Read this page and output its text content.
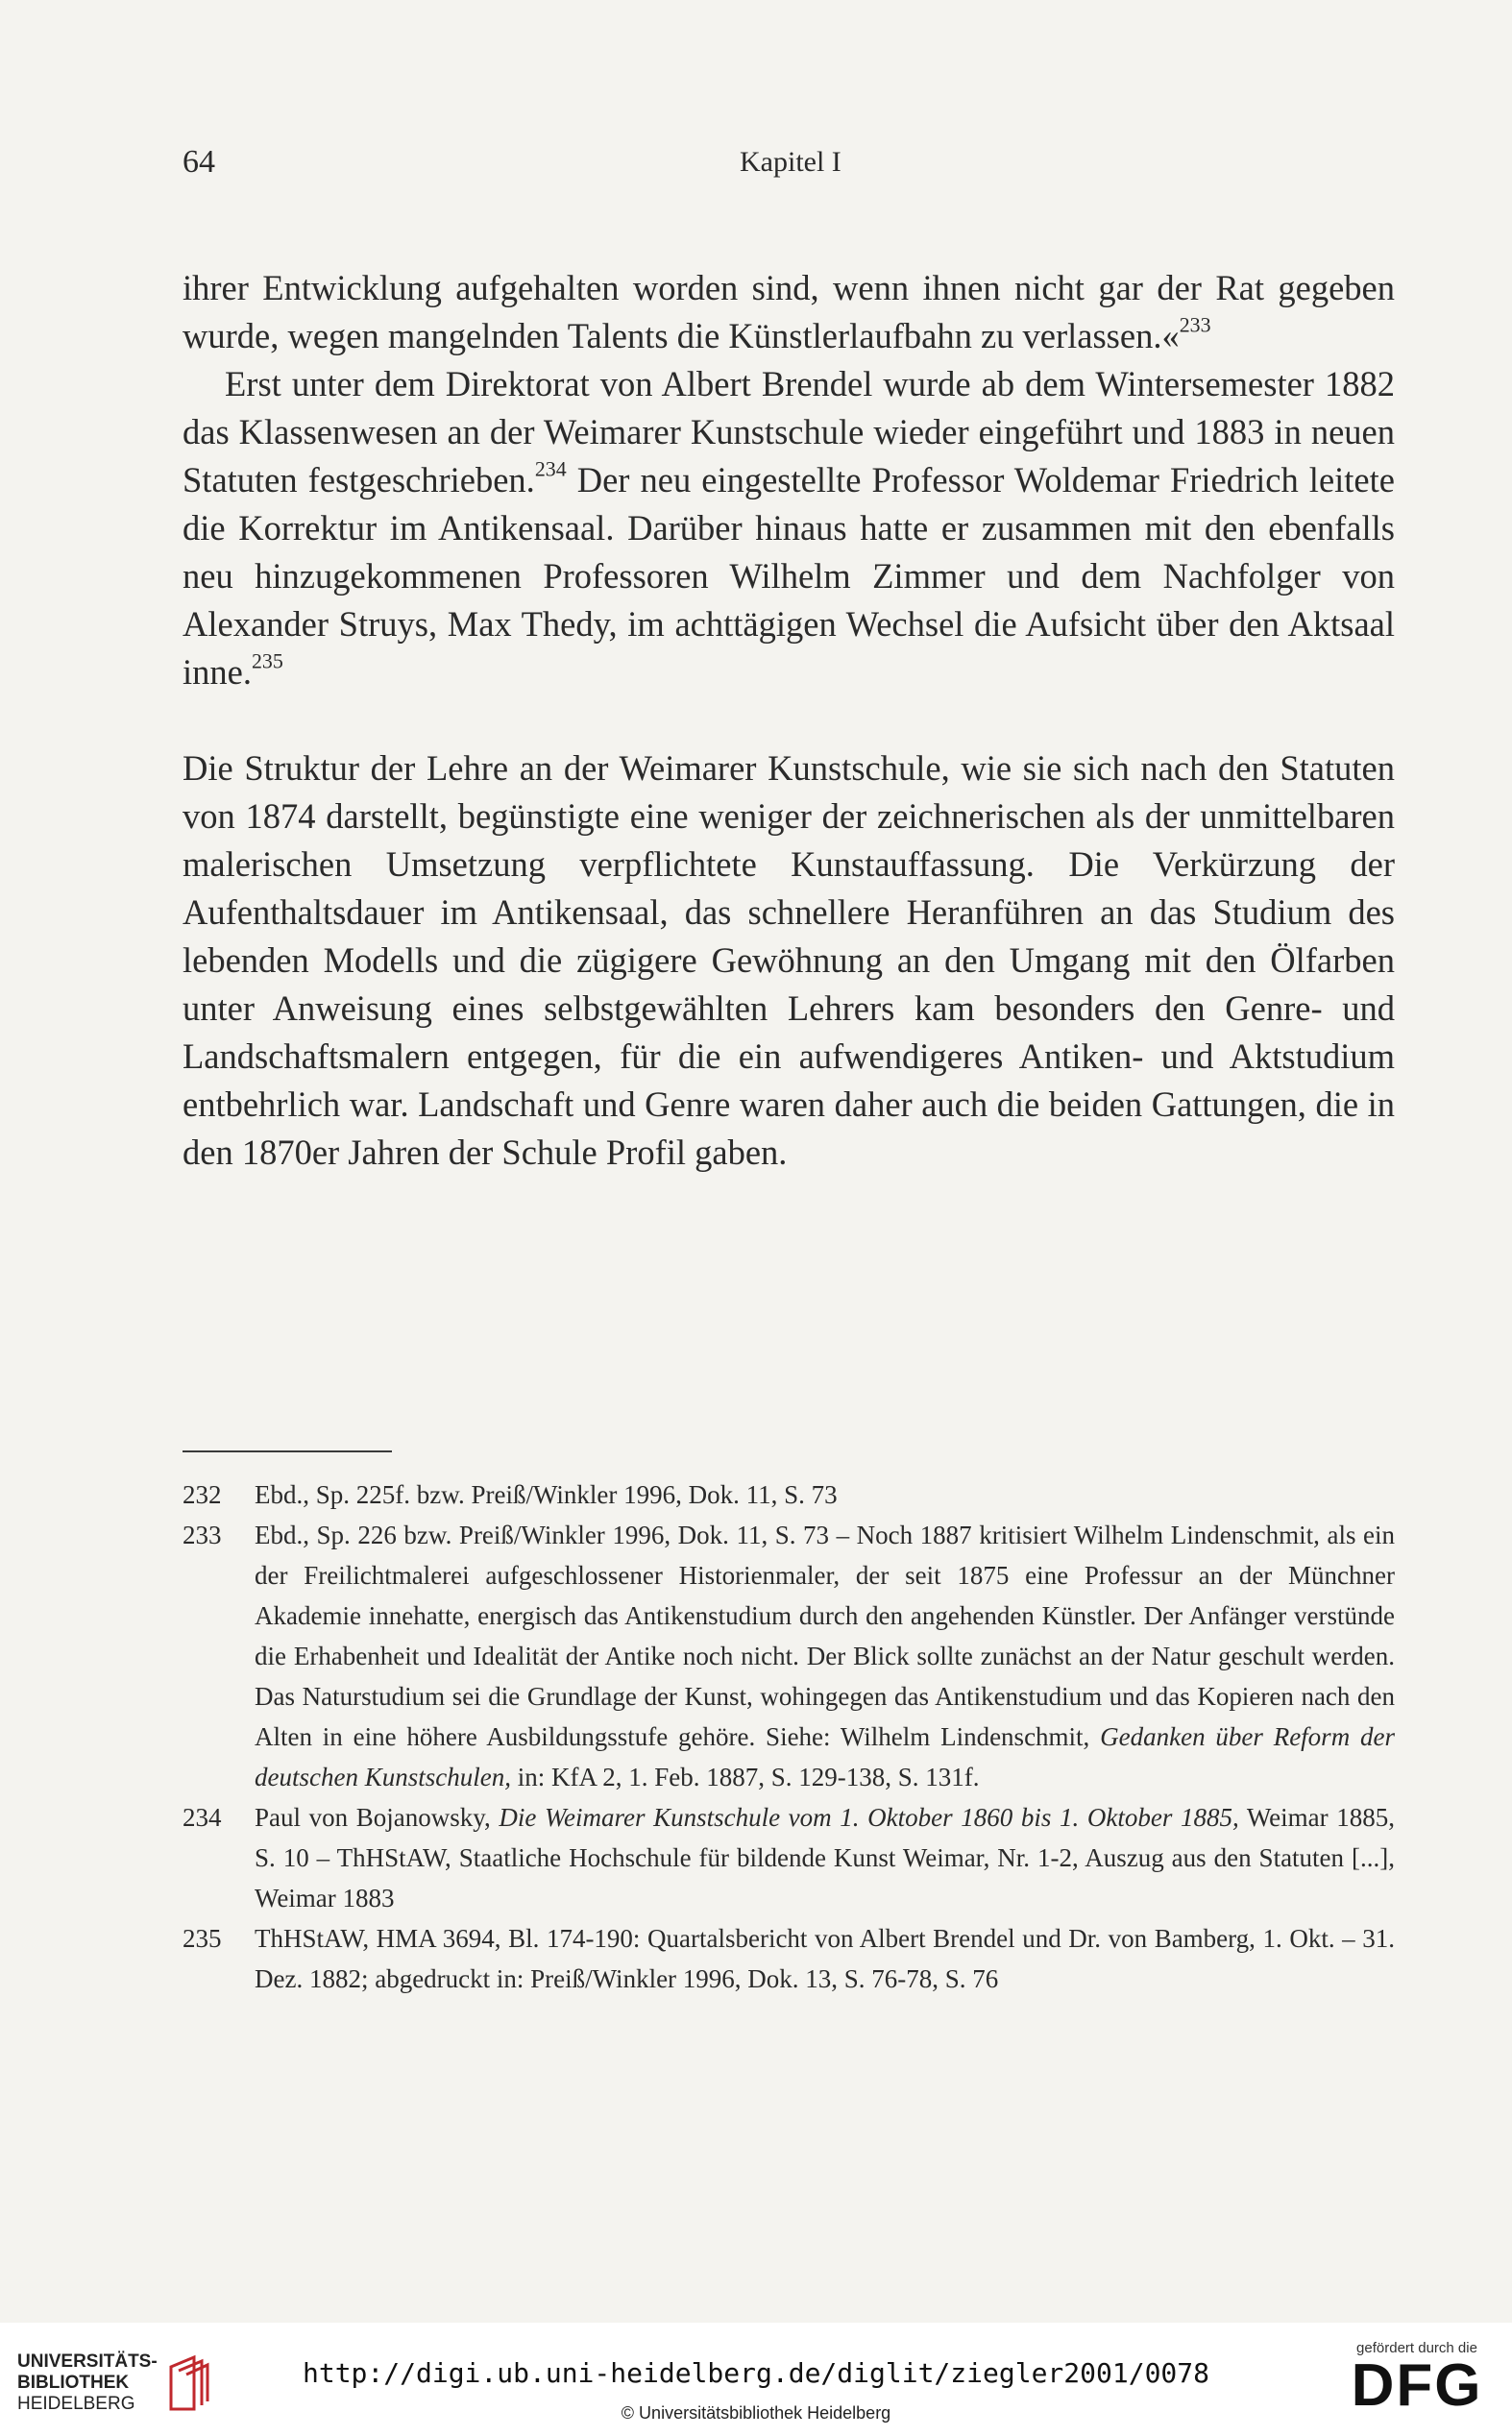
64	Kapitel I

ihrer Entwicklung aufgehalten worden sind, wenn ihnen nicht gar der Rat gegeben wurde, wegen mangelnden Talents die Künstlerlaufbahn zu verlassen.«$^{233}$

Erst unter dem Direktorat von Albert Brendel wurde ab dem Wintersemester 1882 das Klassenwesen an der Weimarer Kunstschule wieder eingeführt und 1883 in neuen Statuten festgeschrieben.$^{234}$ Der neu eingestellte Professor Woldemar Friedrich leitete die Korrektur im Antikensaal. Darüber hinaus hatte er zusammen mit den ebenfalls neu hinzugekommenen Professoren Wilhelm Zimmer und dem Nachfolger von Alexander Struys, Max Thedy, im achttägigen Wechsel die Aufsicht über den Aktsaal inne.$^{235}$

Die Struktur der Lehre an der Weimarer Kunstschule, wie sie sich nach den Statuten von 1874 darstellt, begünstigte eine weniger der zeichnerischen als der unmittelbaren malerischen Umsetzung verpflichtete Kunstauffassung. Die Verkürzung der Aufenthaltsdauer im Antikensaal, das schnellere Heranführen an das Studium des lebenden Modells und die zügigere Gewöhnung an den Umgang mit den Ölfarben unter Anweisung eines selbstgewählten Lehrers kam besonders den Genre- und Landschaftsmalern entgegen, für die ein aufwendigeres Antiken- und Aktstudium entbehrlich war. Landschaft und Genre waren daher auch die beiden Gattungen, die in den 1870er Jahren der Schule Profil gaben.

232	Ebd., Sp. 225f. bzw. Preiß/Winkler 1996, Dok. 11, S. 73
233	Ebd., Sp. 226 bzw. Preiß/Winkler 1996, Dok. 11, S. 73 – Noch 1887 kritisiert Wilhelm Lindenschmit, als ein der Freilichtmalerei aufgeschlossener Historienmaler, der seit 1875 eine Professur an der Münchner Akademie innehatte, energisch das Antikenstudium durch den angehenden Künstler. Der Anfänger verstünde die Erhabenheit und Idealität der Antike noch nicht. Der Blick sollte zunächst an der Natur geschult werden. Das Naturstudium sei die Grundlage der Kunst, wohingegen das Antikenstudium und das Kopieren nach den Alten in eine höhere Ausbildungsstufe gehöre. Siehe: Wilhelm Lindenschmit, Gedanken über Reform der deutschen Kunstschulen, in: KfA 2, 1. Feb. 1887, S. 129-138, S. 131f.
234	Paul von Bojanowsky, Die Weimarer Kunstschule vom 1. Oktober 1860 bis 1. Oktober 1885, Weimar 1885, S. 10 – ThHStAW, Staatliche Hochschule für bildende Kunst Weimar, Nr. 1-2, Auszug aus den Statuten [...], Weimar 1883
235	ThHStAW, HMA 3694, Bl. 174-190: Quartalsbericht von Albert Brendel und Dr. von Bamberg, 1. Okt. – 31. Dez. 1882; abgedruckt in: Preiß/Winkler 1996, Dok. 13, S. 76-78, S. 76
UNIVERSITÄTS-
BIBLIOTHEK
HEIDELBERG
http://digi.ub.uni-heidelberg.de/diglit/ziegler2001/0078
© Universitätsbibliothek Heidelberg
gefördert durch die
DFG
